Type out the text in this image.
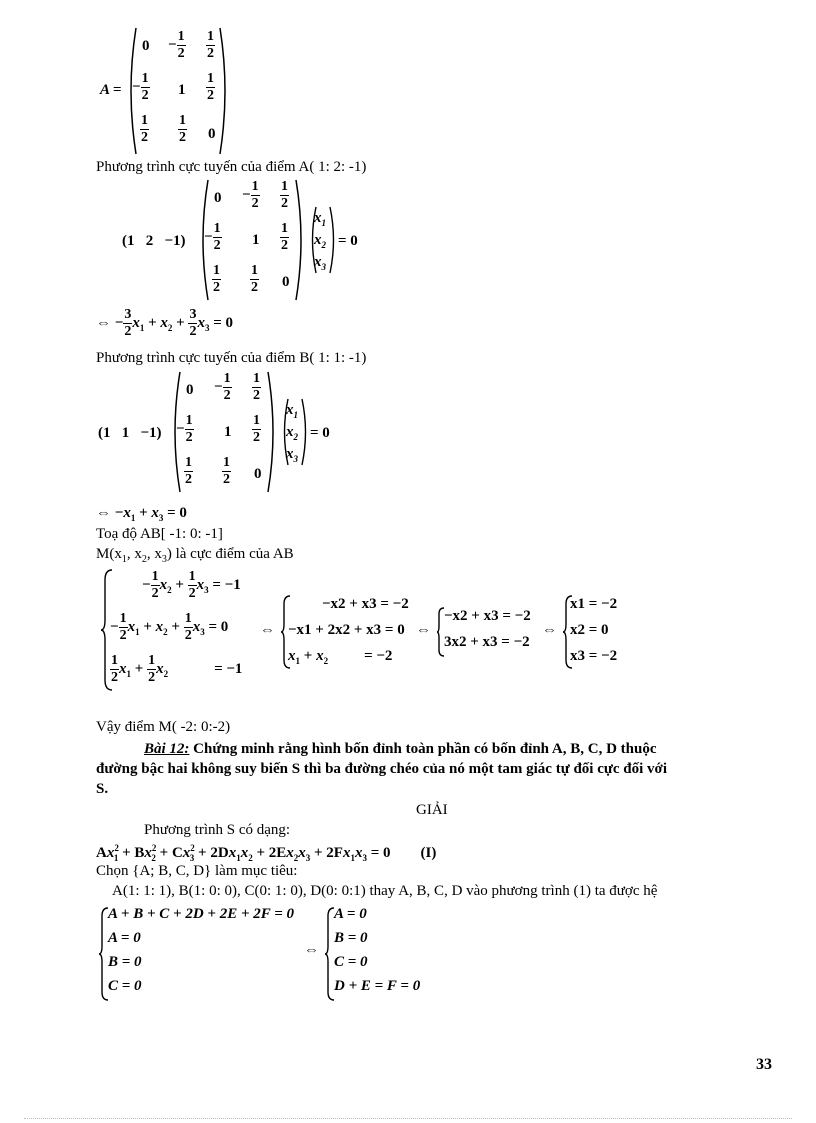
A =
$0 - \frac{1}{2} \frac{1}{2}$
− $\frac{1}{2} 1 \frac{1}{2}$
$\frac{1}{2} \frac{1}{2} 0$
Phương trình cực tuyến của điểm A( 1: 2: -1)
(1   2   −1)
$0 - \frac{1}{2} \frac{1}{2}$
− $\frac{1}{2} 1 \frac{1}{2}$
$\frac{1}{2} \frac{1}{2} 0$
$x_1$
$x_2$
$x_3$
= 0
⇔ − $\frac{3}{2} x_1 + x_2 + \frac{3}{2} x_3 = 0$
Phương trình cực tuyến của điểm B( 1: 1: -1)
(1   1   −1)
$0 - \frac{1}{2} \frac{1}{2}$
− $\frac{1}{2} 1 \frac{1}{2}$
$\frac{1}{2} \frac{1}{2} 0$
$x_1$
$x_2$
$x_3$
= 0
⇔ $-x_1 + x_3 = 0$
Toạ độ AB[ -1: 0: -1]
$M(x_1$, $x_2$, $x_3$) là cực điểm của AB
− $\frac{1}{2} x_2 + \frac{1}{2} x_3 = -1$
− $\frac{1}{2} x_1 + x_2 + \frac{1}{2} x_3 = 0$
$\frac{1}{2} x_1 + \frac{1}{2} x_2$	= −1
⇔
−x2 + x3 = −2
−x1 + 2x2 + x3 = 0
$x_1 + x_2 = -2$
⇔
−x2 + x3 = −2
3x2 + x3 = −2
⇔
x1 = −2
x2 = 0
x3 = −2
Vậy điểm M( -2: 0:-2)
Bài 12: Chứng minh rằng hình bốn đỉnh toàn phần có bốn đỉnh A, B, C, D thuộc
đường bậc hai không suy biến S thì ba đường chéo của nó một tam giác tự đối cực đối với
S.
GIẢI
Phương trình S có dạng:
$Ax^2_1 + Bx^2_2 + Cx^2_3 + 2Dx_1x_2 + 2Ex_2x_3 + 2Fx_1x_3 = 0$ (I)
Chọn {A; B, C, D} làm mục tiêu:
A(1: 1: 1), B(1: 0: 0), C(0: 1: 0), D(0: 0:1) thay A, B, C, D vào phương trình (1) ta được hệ
A + B + C + 2D + 2E + 2F = 0
A = 0
B = 0
C = 0
⇔
A = 0
B = 0
C = 0
D + E = F = 0
33
